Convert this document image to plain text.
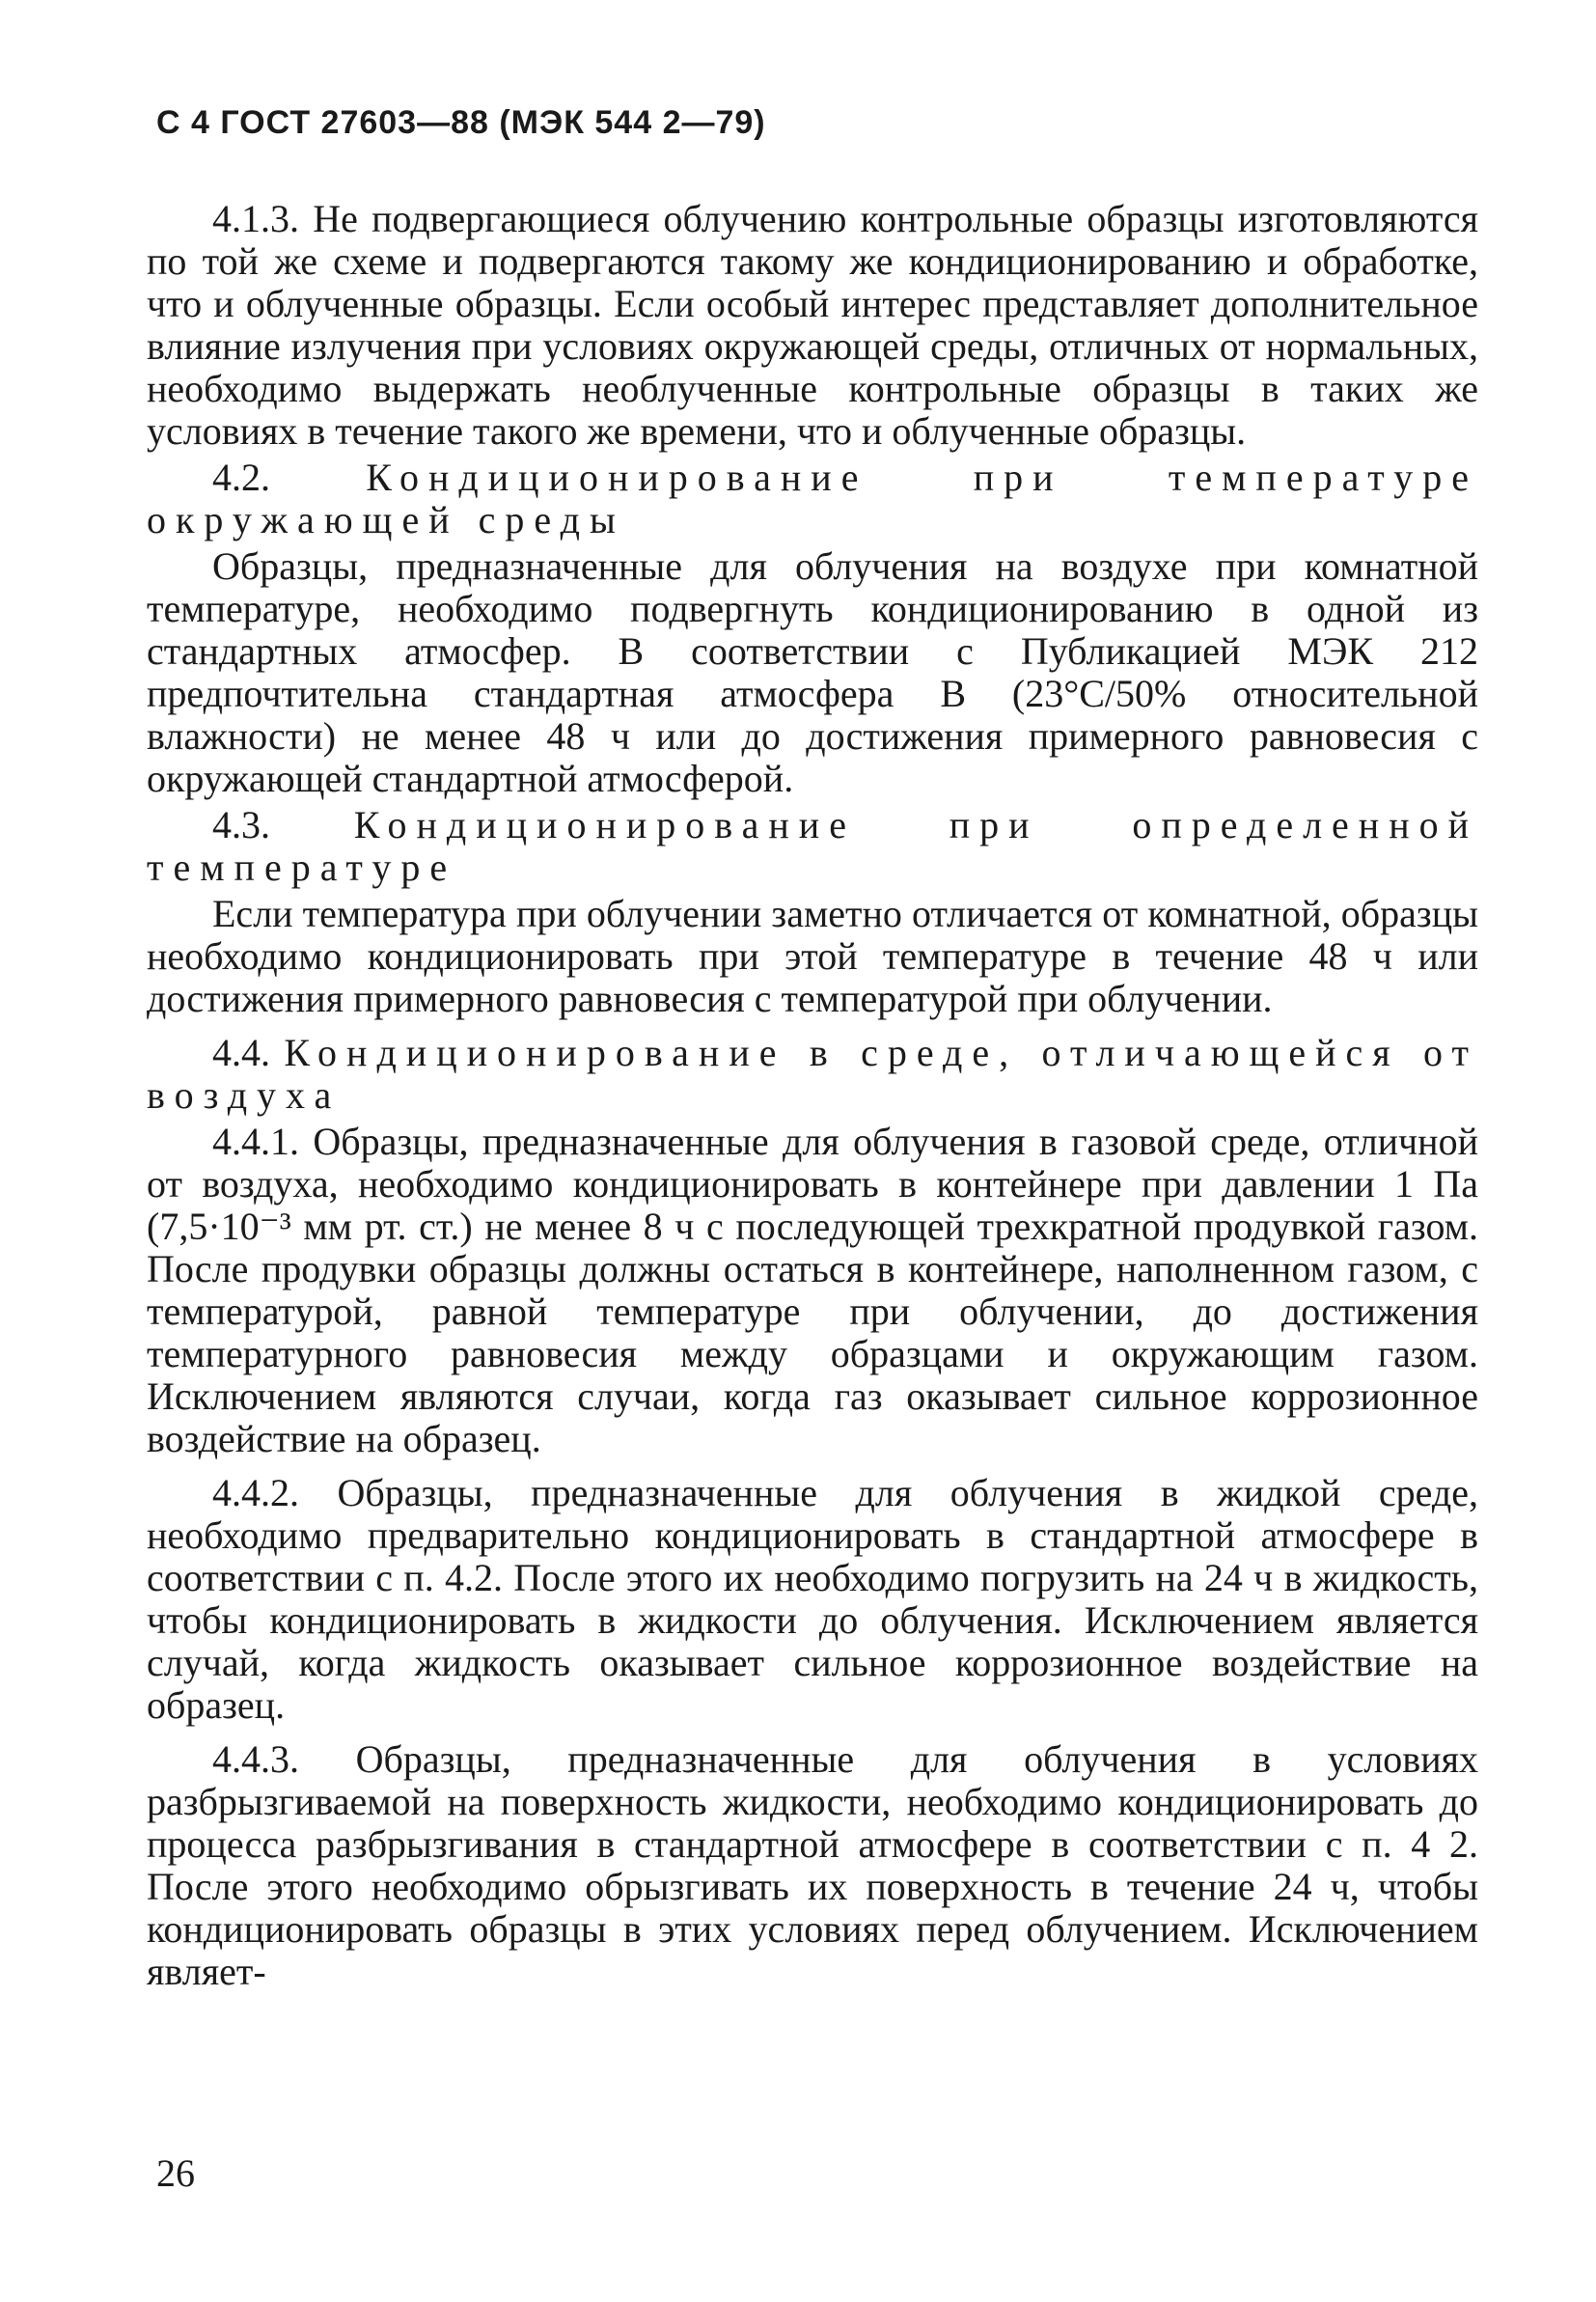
С 4 ГОСТ 27603—88 (МЭК 544 2—79)

4.1.3. Не подвергающиеся облучению контрольные образцы изготовляются по той же схеме и подвергаются такому же кондиционированию и обработке, что и облученные образцы. Если особый интерес представляет дополнительное влияние излучения при условиях окружающей среды, отличных от нормальных, необходимо выдержать необлученные контрольные образцы в таких же условиях в течение такого же времени, что и облученные образцы.

4.2. Кондиционирование при температуре окружающей среды

Образцы, предназначенные для облучения на воздухе при комнатной температуре, необходимо подвергнуть кондиционированию в одной из стандартных атмосфер. В соответствии с Публикацией МЭК 212 предпочтительна стандартная атмосфера В (23°С/50% относительной влажности) не менее 48 ч или до достижения примерного равновесия с окружающей стандартной атмосферой.

4.3. Кондиционирование при определенной температуре

Если температура при облучении заметно отличается от комнатной, образцы необходимо кондиционировать при этой температуре в течение 48 ч или достижения примерного равновесия с температурой при облучении.

4.4. Кондиционирование в среде, отличающейся от воздуха

4.4.1. Образцы, предназначенные для облучения в газовой среде, отличной от воздуха, необходимо кондиционировать в контейнере при давлении 1 Па (7,5·10⁻³ мм рт. ст.) не менее 8 ч с последующей трехкратной продувкой газом. После продувки образцы должны остаться в контейнере, наполненном газом, с температурой, равной температуре при облучении, до достижения температурного равновесия между образцами и окружающим газом. Исключением являются случаи, когда газ оказывает сильное коррозионное воздействие на образец.

4.4.2. Образцы, предназначенные для облучения в жидкой среде, необходимо предварительно кондиционировать в стандартной атмосфере в соответствии с п. 4.2. После этого их необходимо погрузить на 24 ч в жидкость, чтобы кондиционировать в жидкости до облучения. Исключением является случай, когда жидкость оказывает сильное коррозионное воздействие на образец.

4.4.3. Образцы, предназначенные для облучения в условиях разбрызгиваемой на поверхность жидкости, необходимо кондиционировать до процесса разбрызгивания в стандартной атмосфере в соответствии с п. 4 2. После этого необходимо обрызгивать их поверхность в течение 24 ч, чтобы кондиционировать образцы в этих условиях перед облучением. Исключением являет-

26
